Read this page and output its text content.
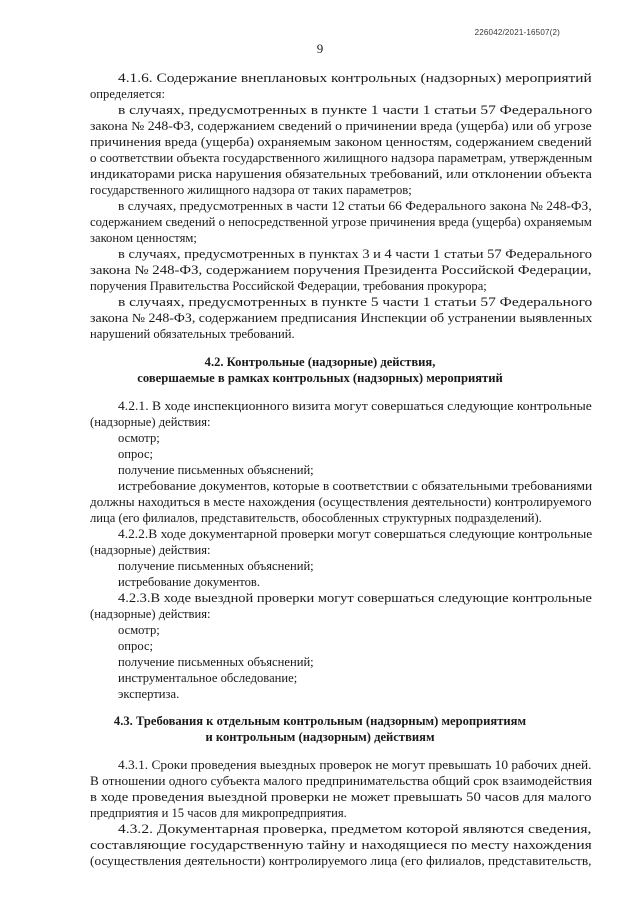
226042/2021-16507(2)
9
4.1.6. Содержание внеплановых контрольных (надзорных) мероприятий
определяется:
в случаях, предусмотренных в пункте 1 части 1 статьи 57 Федерального
закона № 248-ФЗ, содержанием сведений о причинении вреда (ущерба) или об угрозе
причинения вреда (ущерба) охраняемым законом ценностям, содержанием сведений
о соответствии объекта государственного жилищного надзора параметрам, утвержденным
индикаторами риска нарушения обязательных требований, или отклонении объекта
государственного жилищного надзора от таких параметров;
в случаях, предусмотренных в части 12 статьи 66 Федерального закона № 248-ФЗ,
содержанием сведений о непосредственной угрозе причинения вреда (ущерба) охраняемым
законом ценностям;
в случаях, предусмотренных в пунктах 3 и 4 части 1 статьи 57 Федерального
закона № 248-ФЗ, содержанием поручения Президента Российской Федерации,
поручения Правительства Российской Федерации, требования прокурора;
в случаях, предусмотренных в пункте 5 части 1 статьи 57 Федерального
закона № 248-ФЗ, содержанием предписания Инспекции об устранении выявленных
нарушений обязательных требований.
4.2. Контрольные (надзорные) действия,
совершаемые в рамках контрольных (надзорных) мероприятий
4.2.1. В ходе инспекционного визита могут совершаться следующие контрольные
(надзорные) действия:
осмотр;
опрос;
получение письменных объяснений;
истребование документов, которые в соответствии с обязательными требованиями
должны находиться в месте нахождения (осуществления деятельности) контролируемого
лица (его филиалов, представительств, обособленных структурных подразделений).
4.2.2.В ходе документарной проверки могут совершаться следующие контрольные
(надзорные) действия:
получение письменных объяснений;
истребование документов.
4.2.3.В ходе выездной проверки могут совершаться следующие контрольные
(надзорные) действия:
осмотр;
опрос;
получение письменных объяснений;
инструментальное обследование;
экспертиза.
4.3. Требования к отдельным контрольным (надзорным) мероприятиям
и контрольным (надзорным) действиям
4.3.1. Сроки проведения выездных проверок не могут превышать 10 рабочих дней.
В отношении одного субъекта малого предпринимательства общий срок взаимодействия
в ходе проведения выездной проверки не может превышать 50 часов для малого
предприятия и 15 часов для микропредприятия.
4.3.2. Документарная проверка, предметом которой являются сведения,
составляющие государственную тайну и находящиеся по месту нахождения
(осуществления деятельности) контролируемого лица (его филиалов, представительств,
